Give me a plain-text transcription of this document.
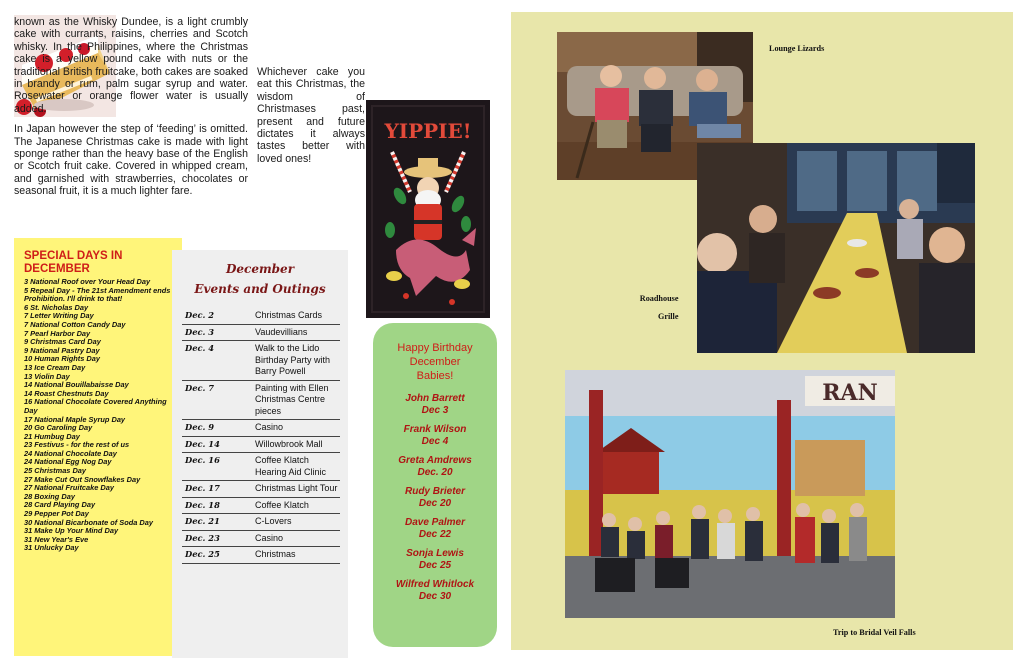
known as the Whisky Dundee, is a light crumbly cake with currants, raisins, cherries and Scotch whisky. In the Philippines, where the Christmas cake is a yellow pound cake with nuts or the traditional British fruitcake, both cakes are soaked in brandy or rum, palm sugar syrup and water. Rosewater or orange flower water is usually added.

In Japan however the step of ‘feeding’ is omitted. The Japanese Christmas cake is made with light sponge rather than the heavy base of the English or Scotch fruit cake. Covered in whipped cream, and garnished with strawberries, chocolates or seasonal fruit, it is a much lighter fare.

Whichever cake you eat this Christmas, the wisdom of Christmases past, present and future dictates it always tastes better with loved ones!

YIPPIE!
SPECIAL DAYS IN
DECEMBER
3 National Roof over Your Head Day
5 Repeal Day - The 21st Amendment ends Prohibition. I'll drink to that!
6 St. Nicholas Day
7 Letter Writing Day
7 National Cotton Candy Day
7 Pearl Harbor Day
9 Christmas Card Day
9 National Pastry Day
10 Human Rights Day
13 Ice Cream Day
13 Violin Day
14 National Bouillabaisse Day
14 Roast Chestnuts Day
16 National Chocolate Covered Anything Day
17 National Maple Syrup Day
20 Go Caroling Day
21 Humbug Day
23 Festivus - for the rest of us
24 National Chocolate Day
24 National Egg Nog Day
25 Christmas Day
27 Make Cut Out Snowflakes Day
27 National Fruitcake Day
28 Boxing Day
28 Card Playing Day
29 Pepper Pot Day
30 National Bicarbonate of Soda Day
31 Make Up Your Mind Day
31 New Year's Eve
31 Unlucky Day
December
Events and Outings
Dec. 2	Christmas Cards
Dec. 3	Vaudevillians
Dec. 4	Walk to the Lido Birthday Party with Barry Powell
Dec. 7	Painting with Ellen Christmas Centre pieces
Dec. 9	Casino
Dec. 14	Willowbrook Mall
Dec. 16	Coffee Klatch Hearing Aid Clinic
Dec. 17	Christmas Light Tour
Dec. 18	Coffee Klatch
Dec. 21	C-Lovers
Dec. 23	Casino
Dec. 25	Christmas
Happy Birthday
December
Babies!
John Barrett
Dec 3
Frank Wilson
Dec 4
Greta Amdrews
Dec. 20
Rudy Brieter
Dec 20
Dave Palmer
Dec 22
Sonja Lewis
Dec 25
Wilfred Whitlock
Dec 30
Lounge Lizards
Roadhouse
Grille
RAN
Trip to Bridal Veil Falls
